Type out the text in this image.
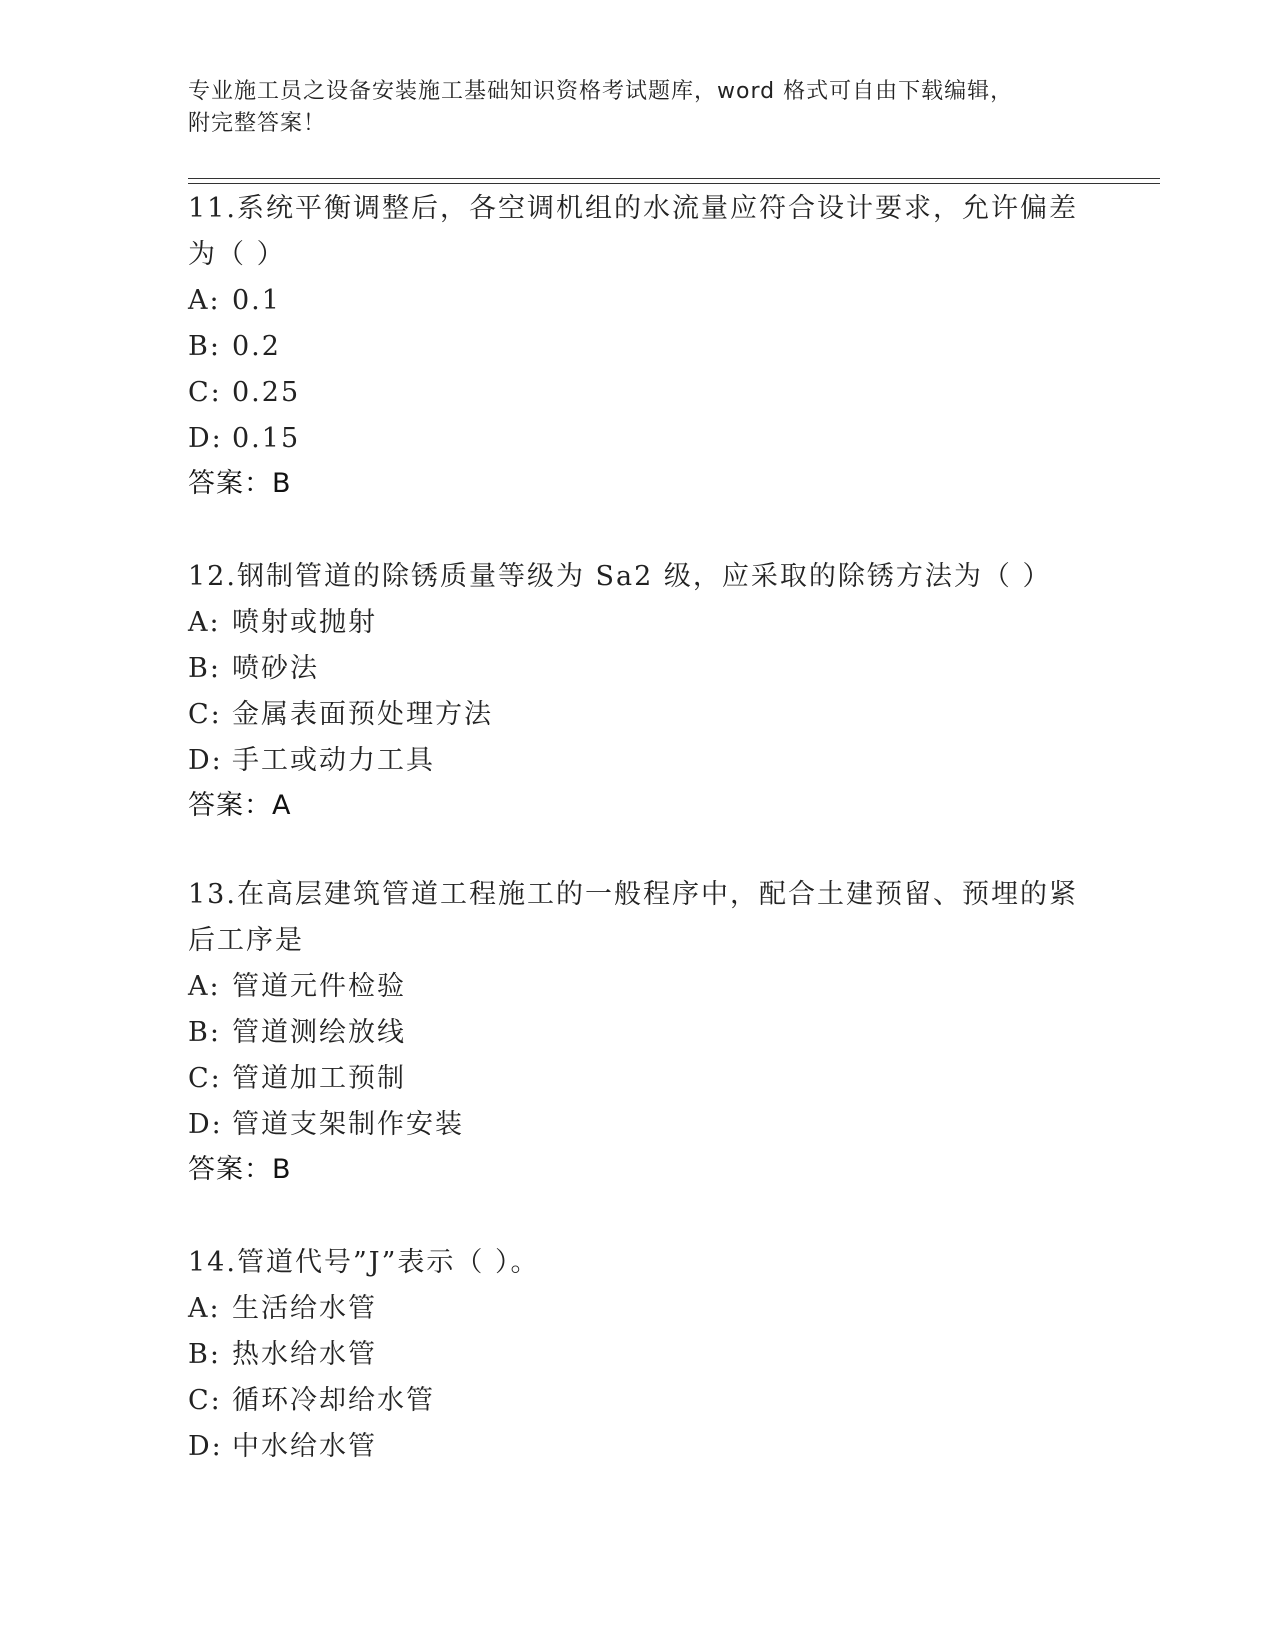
专业施工员之设备安装施工基础知识资格考试题库，word 格式可自由下载编辑，
附完整答案！
11.系统平衡调整后，各空调机组的水流量应符合设计要求，允许偏差
为（ ）
A: 0.1
B: 0.2
C: 0.25
D: 0.15
答案：B
12.钢制管道的除锈质量等级为 Sa2 级，应采取的除锈方法为（ ）
A: 喷射或抛射
B: 喷砂法
C: 金属表面预处理方法
D: 手工或动力工具
答案：A
13.在高层建筑管道工程施工的一般程序中，配合土建预留、预埋的紧
后工序是
A: 管道元件检验
B: 管道测绘放线
C: 管道加工预制
D: 管道支架制作安装
答案：B
14.管道代号”J”表示（ ）。
A: 生活给水管
B: 热水给水管
C: 循环冷却给水管
D: 中水给水管
